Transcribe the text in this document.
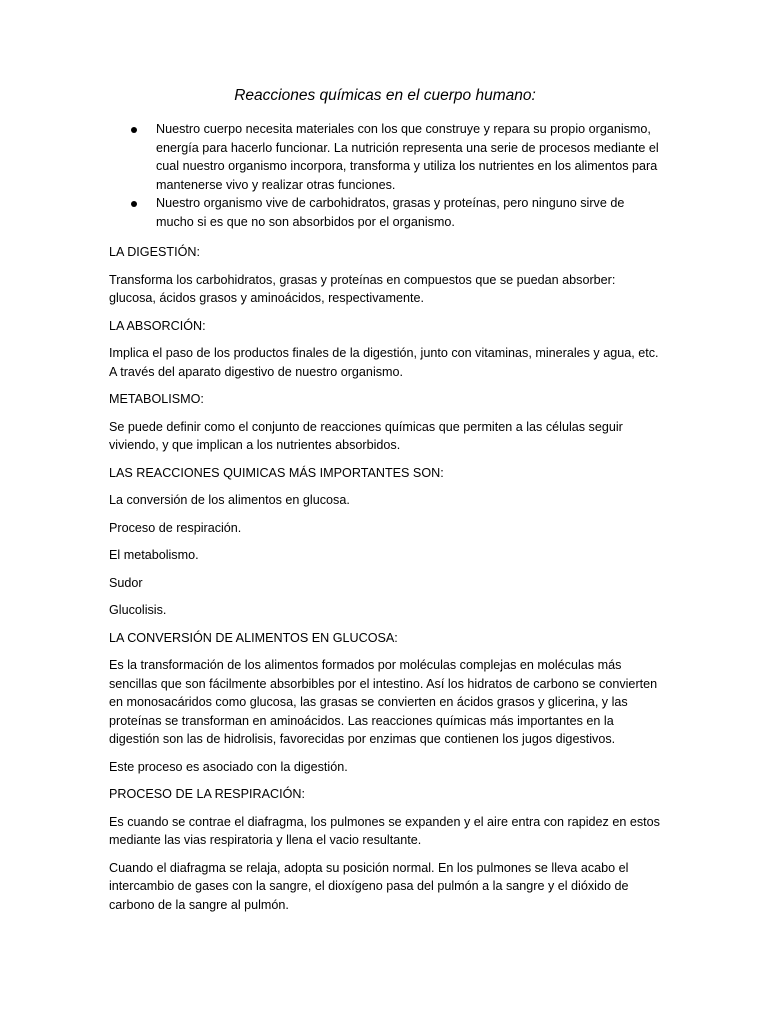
Reacciones químicas en el cuerpo humano:
Nuestro cuerpo necesita materiales con los que construye y repara su propio organismo, energía para hacerlo funcionar. La nutrición representa una serie de procesos mediante el cual nuestro organismo incorpora, transforma y utiliza los nutrientes en los alimentos para mantenerse vivo y realizar otras funciones.
Nuestro organismo vive de carbohidratos, grasas y proteínas, pero ninguno sirve de mucho si es que no son absorbidos por el organismo.

LA DIGESTIÓN:

Transforma los carbohidratos, grasas y proteínas en compuestos que se puedan absorber: glucosa, ácidos grasos y aminoácidos, respectivamente.

LA ABSORCIÓN:

Implica el paso de los productos finales de la digestión, junto con vitaminas, minerales y agua, etc. A través del aparato digestivo de nuestro organismo.

METABOLISMO:

Se puede definir como el conjunto de reacciones químicas que permiten a las células seguir viviendo, y que implican a los nutrientes absorbidos.

LAS REACCIONES QUIMICAS MÁS IMPORTANTES SON:

La conversión de los alimentos en glucosa.

Proceso de respiración.

El metabolismo.

Sudor

Glucolisis.

LA CONVERSIÓN DE ALIMENTOS EN GLUCOSA:

Es la transformación de los alimentos formados por moléculas complejas en moléculas más sencillas que son fácilmente absorbibles por el intestino. Así los hidratos de carbono se convierten en monosacáridos como glucosa, las grasas se convierten en ácidos grasos y glicerina, y las proteínas se transforman en aminoácidos. Las reacciones químicas más importantes en la digestión son las de hidrolisis, favorecidas por enzimas que contienen los jugos digestivos.

Este proceso es asociado con la digestión.

PROCESO DE LA RESPIRACIÓN:

Es cuando se contrae el diafragma, los pulmones se expanden y el aire entra con rapidez en estos mediante las vias respiratoria y llena el vacio resultante.

Cuando el diafragma se relaja, adopta su posición normal. En los pulmones se lleva acabo el intercambio de gases con la sangre, el dioxígeno pasa del pulmón a la sangre y el dióxido de carbono de la sangre al pulmón.
